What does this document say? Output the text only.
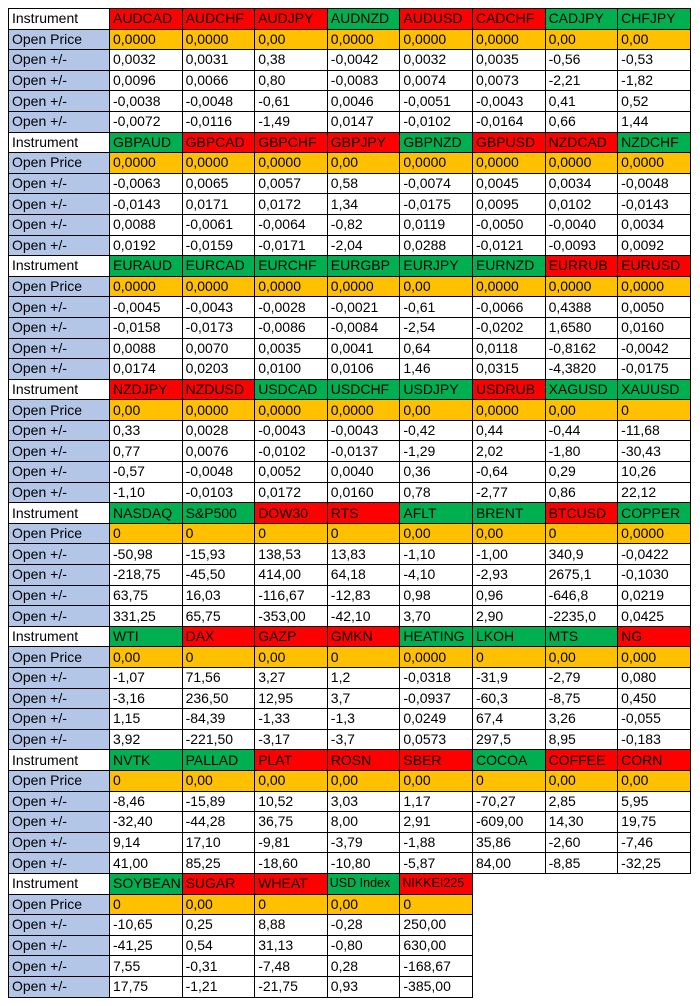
Instrument	AUDCAD	AUDCHF	AUDJPY	AUDNZD	AUDUSD	CADCHF	CADJPY	CHFJPY
Open Price	0,0000	0,0000	0,00	0,0000	0,0000	0,0000	0,00	0,00
Open +/-	0,0032	0,0031	0,38	-0,0042	0,0032	0,0035	-0,56	-0,53
Open +/-	0,0096	0,0066	0,80	-0,0083	0,0074	0,0073	-2,21	-1,82
Open +/-	-0,0038	-0,0048	-0,61	0,0046	-0,0051	-0,0043	0,41	0,52
Open +/-	-0,0072	-0,0116	-1,49	0,0147	-0,0102	-0,0164	0,66	1,44
Instrument	GBPAUD	GBPCAD	GBPCHF	GBPJPY	GBPNZD	GBPUSD	NZDCAD	NZDCHF
Open Price	0,0000	0,0000	0,0000	0,00	0,0000	0,0000	0,0000	0,0000
Open +/-	-0,0063	0,0065	0,0057	0,58	-0,0074	0,0045	0,0034	-0,0048
Open +/-	-0,0143	0,0171	0,0172	1,34	-0,0175	0,0095	0,0102	-0,0143
Open +/-	0,0088	-0,0061	-0,0064	-0,82	0,0119	-0,0050	-0,0040	0,0034
Open +/-	0,0192	-0,0159	-0,0171	-2,04	0,0288	-0,0121	-0,0093	0,0092
Instrument	EURAUD	EURCAD	EURCHF	EURGBP	EURJPY	EURNZD	EURRUB	EURUSD
Open Price	0,0000	0,0000	0,0000	0,0000	0,00	0,0000	0,0000	0,0000
Open +/-	-0,0045	-0,0043	-0,0028	-0,0021	-0,61	-0,0066	0,4388	0,0050
Open +/-	-0,0158	-0,0173	-0,0086	-0,0084	-2,54	-0,0202	1,6580	0,0160
Open +/-	0,0088	0,0070	0,0035	0,0041	0,64	0,0118	-0,8162	-0,0042
Open +/-	0,0174	0,0203	0,0100	0,0106	1,46	0,0315	-4,3820	-0,0175
Instrument	NZDJPY	NZDUSD	USDCAD	USDCHF	USDJPY	USDRUB	XAGUSD	XAUUSD
Open Price	0,00	0,0000	0,0000	0,0000	0,00	0,0000	0,00	0
Open +/-	0,33	0,0028	-0,0043	-0,0043	-0,42	0,44	-0,44	-11,68
Open +/-	0,77	0,0076	-0,0102	-0,0137	-1,29	2,02	-1,80	-30,43
Open +/-	-0,57	-0,0048	0,0052	0,0040	0,36	-0,64	0,29	10,26
Open +/-	-1,10	-0,0103	0,0172	0,0160	0,78	-2,77	0,86	22,12
Instrument	NASDAQ	S&P500	DOW30	RTS	AFLT	BRENT	BTCUSD	COPPER
Open Price	0	0	0	0	0,00	0,00	0	0,0000
Open +/-	-50,98	-15,93	138,53	13,83	-1,10	-1,00	340,9	-0,0422
Open +/-	-218,75	-45,50	414,00	64,18	-4,10	-2,93	2675,1	-0,1030
Open +/-	63,75	16,03	-116,67	-12,83	0,98	0,96	-646,8	0,0219
Open +/-	331,25	65,75	-353,00	-42,10	3,70	2,90	-2235,0	0,0425
Instrument	WTI	DAX	GAZP	GMKN	HEATING	LKOH	MTS	NG
Open Price	0,00	0	0,00	0	0,0000	0	0,00	0,000
Open +/-	-1,07	71,56	3,27	1,2	-0,0318	-31,9	-2,79	0,080
Open +/-	-3,16	236,50	12,95	3,7	-0,0937	-60,3	-8,75	0,450
Open +/-	1,15	-84,39	-1,33	-1,3	0,0249	67,4	3,26	-0,055
Open +/-	3,92	-221,50	-3,17	-3,7	0,0573	297,5	8,95	-0,183
Instrument	NVTK	PALLAD	PLAT	ROSN	SBER	COCOA	COFFEE	CORN
Open Price	0	0,00	0,00	0,00	0,00	0	0,00	0,00
Open +/-	-8,46	-15,89	10,52	3,03	1,17	-70,27	2,85	5,95
Open +/-	-32,40	-44,28	36,75	8,00	2,91	-609,00	14,30	19,75
Open +/-	9,14	17,10	-9,81	-3,79	-1,88	35,86	-2,60	-7,46
Open +/-	41,00	85,25	-18,60	-10,80	-5,87	84,00	-8,85	-32,25
Instrument	SOYBEAN	SUGAR	WHEAT	USD Index	NIKKEI225			
Open Price	0	0,00	0	0,00	0			
Open +/-	-10,65	0,25	8,88	-0,28	250,00			
Open +/-	-41,25	0,54	31,13	-0,80	630,00			
Open +/-	7,55	-0,31	-7,48	0,28	-168,67			
Open +/-	17,75	-1,21	-21,75	0,93	-385,00			
